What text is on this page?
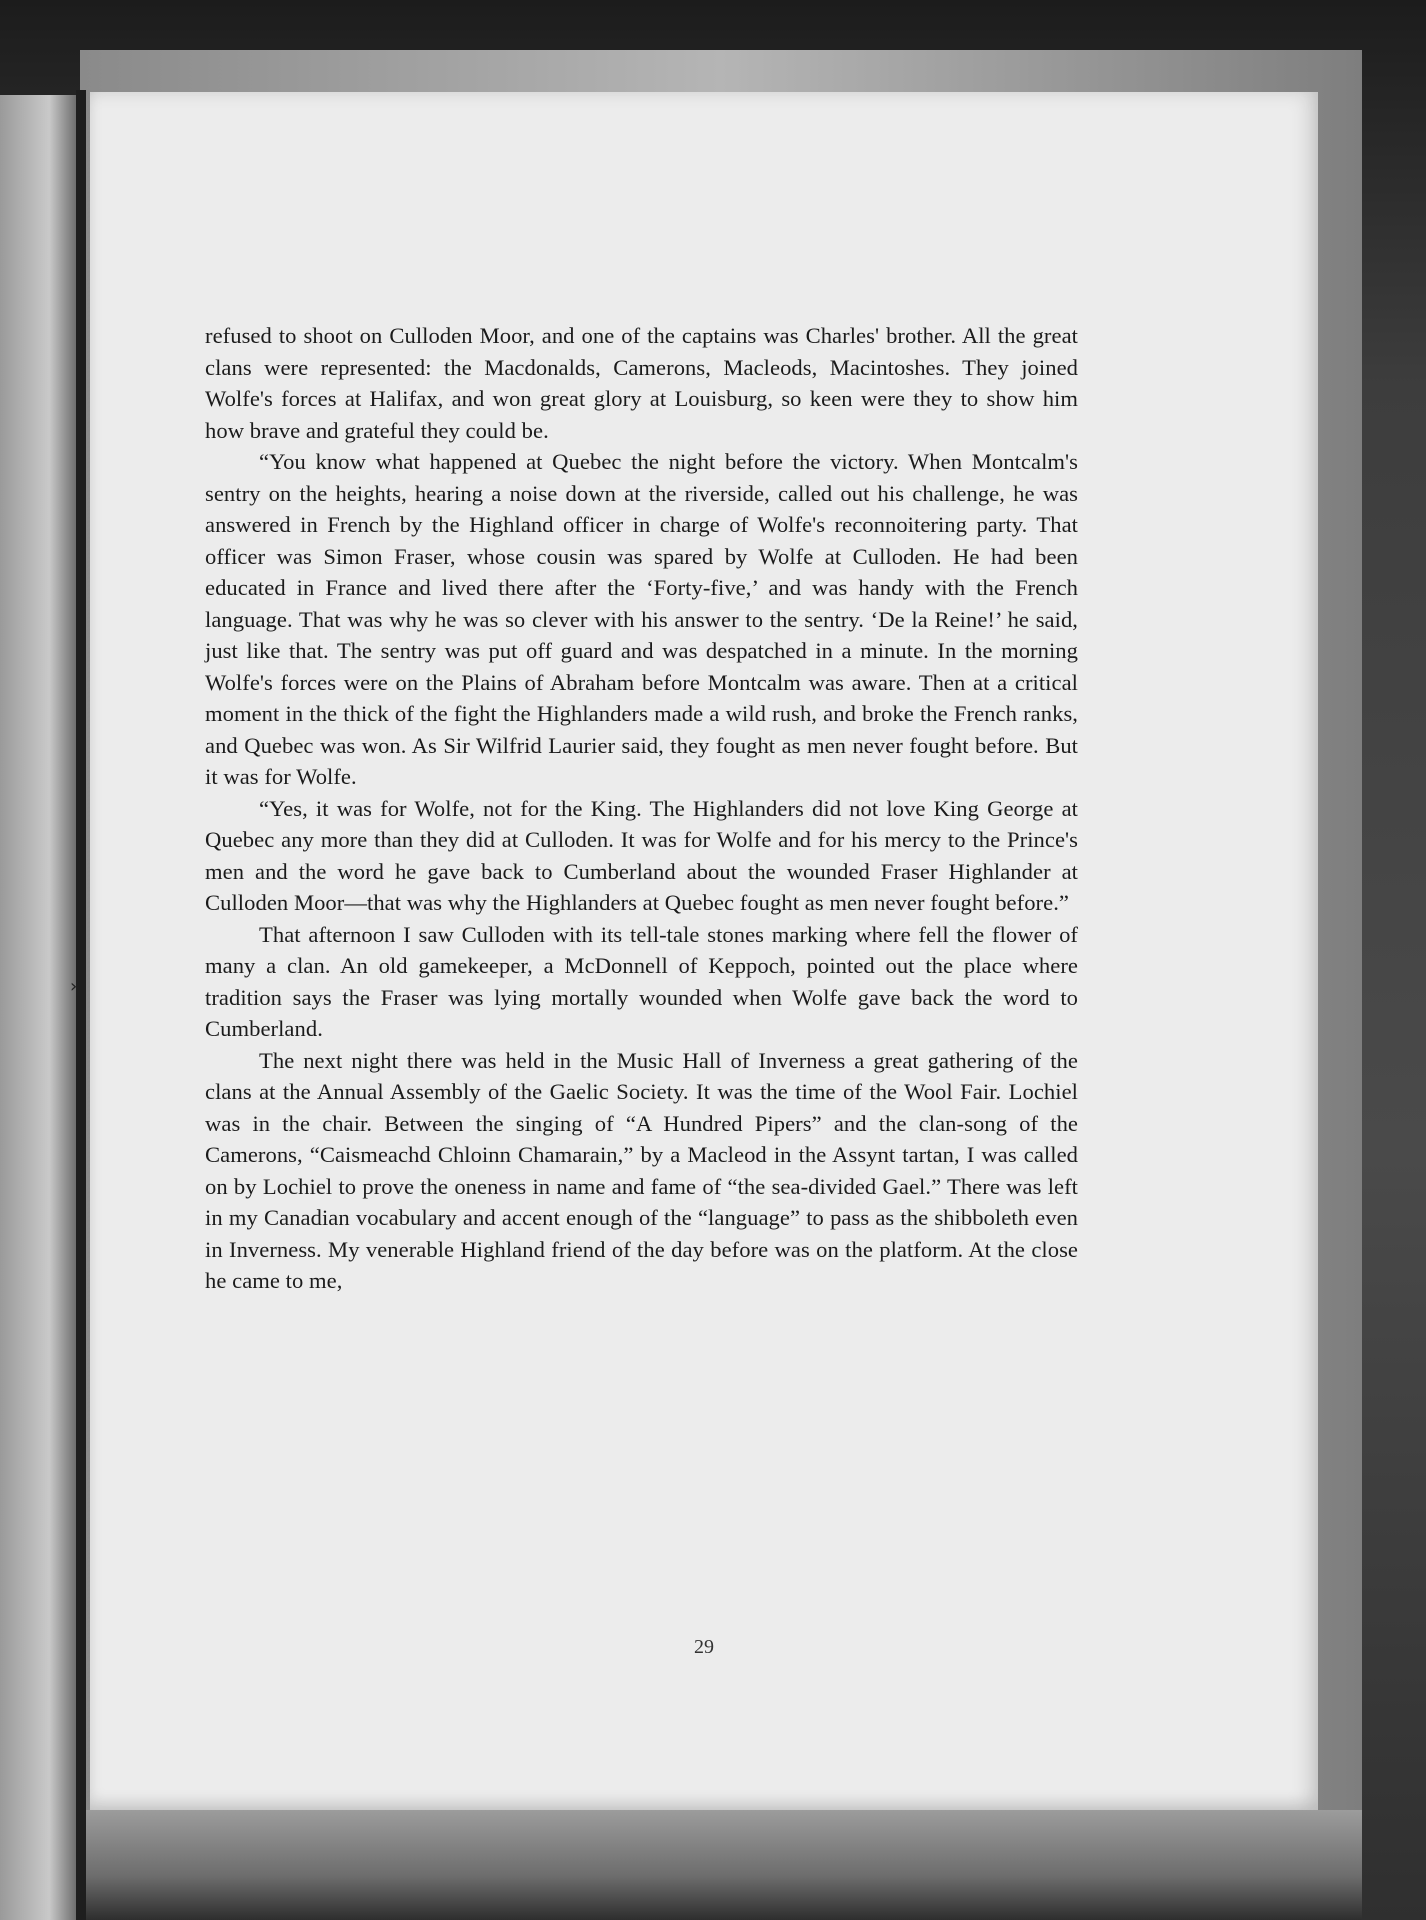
refused to shoot on Culloden Moor, and one of the captains was Charles' brother. All the great clans were represented: the Macdonalds, Camerons, Macleods, Macintoshes. They joined Wolfe's forces at Halifax, and won great glory at Louisburg, so keen were they to show him how brave and grateful they could be.

“You know what happened at Quebec the night before the victory. When Montcalm's sentry on the heights, hearing a noise down at the riverside, called out his challenge, he was answered in French by the Highland officer in charge of Wolfe's reconnoitering party. That officer was Simon Fraser, whose cousin was spared by Wolfe at Culloden. He had been educated in France and lived there after the ‘Forty-five,’ and was handy with the French language. That was why he was so clever with his answer to the sentry. ‘De la Reine!’ he said, just like that. The sentry was put off guard and was despatched in a minute. In the morning Wolfe's forces were on the Plains of Abraham before Montcalm was aware. Then at a critical moment in the thick of the fight the Highlanders made a wild rush, and broke the French ranks, and Quebec was won. As Sir Wilfrid Laurier said, they fought as men never fought before. But it was for Wolfe.

“Yes, it was for Wolfe, not for the King. The Highlanders did not love King George at Quebec any more than they did at Culloden. It was for Wolfe and for his mercy to the Prince's men and the word he gave back to Cumberland about the wounded Fraser Highlander at Culloden Moor—that was why the Highlanders at Quebec fought as men never fought before.”

That afternoon I saw Culloden with its tell-tale stones marking where fell the flower of many a clan. An old gamekeeper, a McDonnell of Keppoch, pointed out the place where tradition says the Fraser was lying mortally wounded when Wolfe gave back the word to Cumberland.

The next night there was held in the Music Hall of Inverness a great gathering of the clans at the Annual Assembly of the Gaelic Society. It was the time of the Wool Fair. Lochiel was in the chair. Between the singing of “A Hundred Pipers” and the clan-song of the Camerons, “Caismeachd Chloinn Chamarain,” by a Macleod in the Assynt tartan, I was called on by Lochiel to prove the oneness in name and fame of “the sea-divided Gael.” There was left in my Canadian vocabulary and accent enough of the “language” to pass as the shibboleth even in Inverness. My venerable Highland friend of the day before was on the platform. At the close he came to me,

29
›
